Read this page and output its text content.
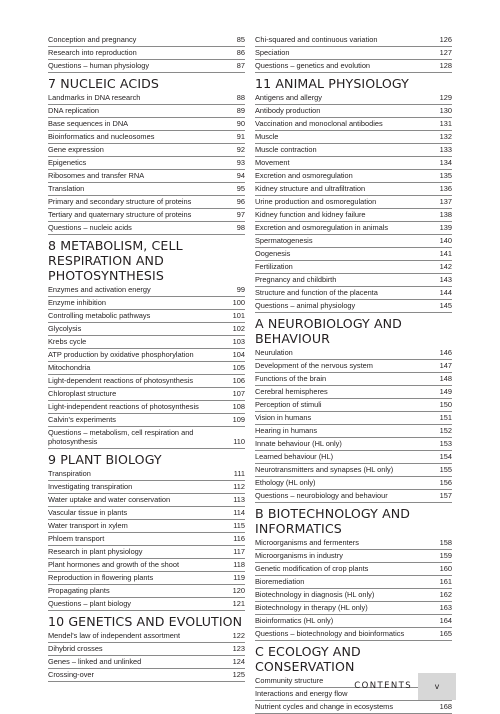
Conception and pregnancy	85
Research into reproduction	86
Questions – human physiology	87
7 NUCLEIC ACIDS
Landmarks in DNA research	88
DNA replication	89
Base sequences in DNA	90
Bioinformatics and nucleosomes	91
Gene expression	92
Epigenetics	93
Ribosomes and transfer RNA	94
Translation	95
Primary and secondary structure of proteins	96
Tertiary and quaternary structure of proteins	97
Questions – nucleic acids	98
8 METABOLISM, CELL RESPIRATION AND PHOTOSYNTHESIS
Enzymes and activation energy	99
Enzyme inhibition	100
Controlling metabolic pathways	101
Glycolysis	102
Krebs cycle	103
ATP production by oxidative phosphorylation	104
Mitochondria	105
Light-dependent reactions of photosynthesis	106
Chloroplast structure	107
Light-independent reactions of photosynthesis	108
Calvin's experiments	109
Questions – metabolism, cell respiration and photosynthesis	110
9 PLANT BIOLOGY
Transpiration	111
Investigating transpiration	112
Water uptake and water conservation	113
Vascular tissue in plants	114
Water transport in xylem	115
Phloem transport	116
Research in plant physiology	117
Plant hormones and growth of the shoot	118
Reproduction in flowering plants	119
Propagating plants	120
Questions – plant biology	121
10 GENETICS AND EVOLUTION
Mendel's law of independent assortment	122
Dihybrid crosses	123
Genes – linked and unlinked	124
Crossing-over	125
Chi-squared and continuous variation	126
Speciation	127
Questions – genetics and evolution	128
11 ANIMAL PHYSIOLOGY
Antigens and allergy	129
Antibody production	130
Vaccination and monoclonal antibodies	131
Muscle	132
Muscle contraction	133
Movement	134
Excretion and osmoregulation	135
Kidney structure and ultrafiltration	136
Urine production and osmoregulation	137
Kidney function and kidney failure	138
Excretion and osmoregulation in animals	139
Spermatogenesis	140
Oogenesis	141
Fertilization	142
Pregnancy and childbirth	143
Structure and function of the placenta	144
Questions – animal physiology	145
A NEUROBIOLOGY AND BEHAVIOUR
Neurulation	146
Development of the nervous system	147
Functions of the brain	148
Cerebral hemispheres	149
Perception of stimuli	150
Vision in humans	151
Hearing in humans	152
Innate behaviour (HL only)	153
Learned behaviour (HL)	154
Neurotransmitters and synapses (HL only)	155
Ethology (HL only)	156
Questions – neurobiology and behaviour	157
B BIOTECHNOLOGY AND INFORMATICS
Microorganisms and fermenters	158
Microorganisms in industry	159
Genetic modification of crop plants	160
Bioremediation	161
Biotechnology in diagnosis (HL only)	162
Biotechnology in therapy (HL only)	163
Bioinformatics (HL only)	164
Questions – biotechnology and bioinformatics	165
C ECOLOGY AND CONSERVATION
Community structure
Interactions and energy flow
Nutrient cycles and change in ecosystems	168
CONTENTS	v
